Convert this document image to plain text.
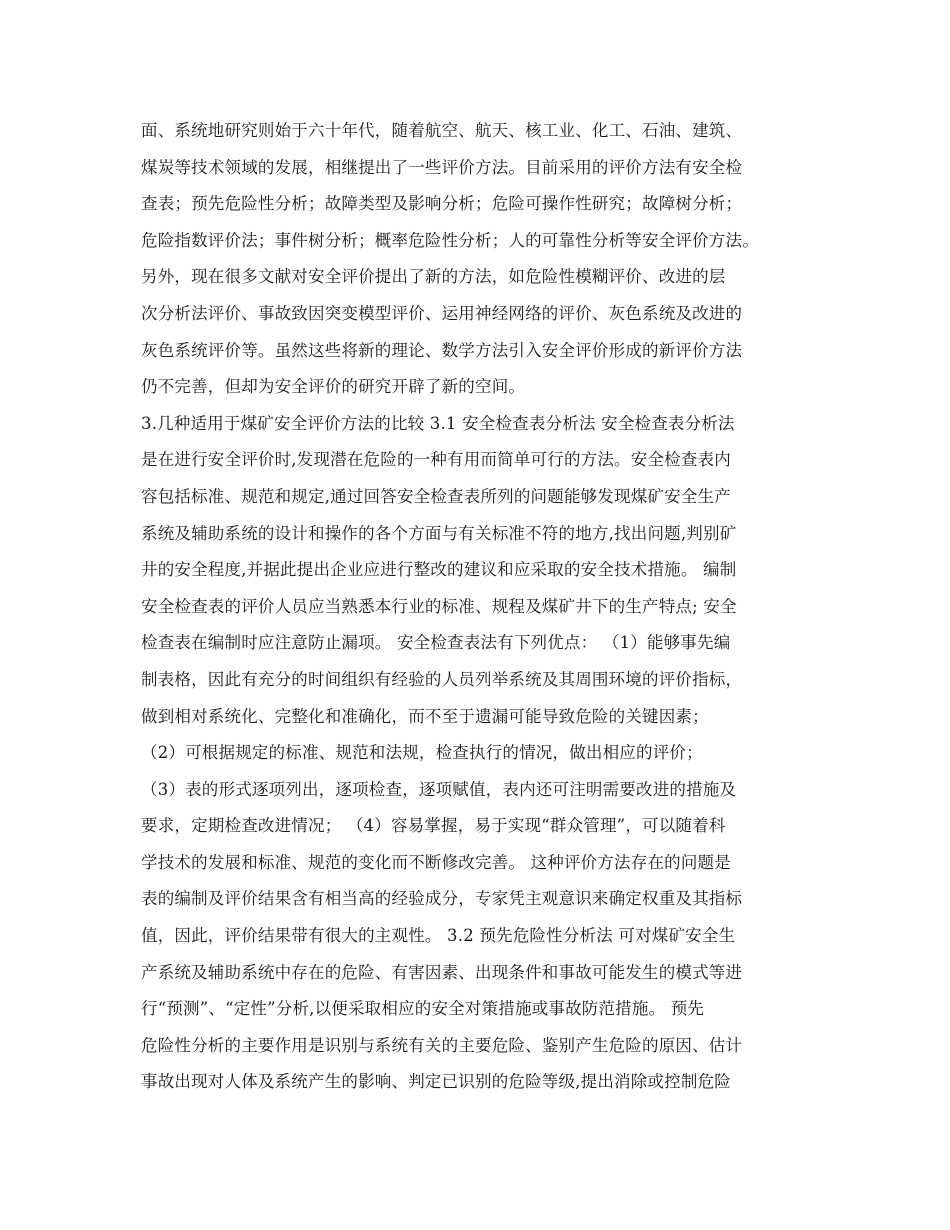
面、系统地研究则始于六十年代，随着航空、航天、核工业、化工、石油、建筑、
煤炭等技术领域的发展，相继提出了一些评价方法。目前采用的评价方法有安全检
查表；预先危险性分析；故障类型及影响分析；危险可操作性研究；故障树分析；
危险指数评价法；事件树分析；概率危险性分析；人的可靠性分析等安全评价方法。
另外，现在很多文献对安全评价提出了新的方法，如危险性模糊评价、改进的层
次分析法评价、事故致因突变模型评价、运用神经网络的评价、灰色系统及改进的
灰色系统评价等。虽然这些将新的理论、数学方法引入安全评价形成的新评价方法
仍不完善，但却为安全评价的研究开辟了新的空间。
3.几种适用于煤矿安全评价方法的比较 3.1 安全检查表分析法 安全检查表分析法
是在进行安全评价时,发现潜在危险的一种有用而简单可行的方法。安全检查表内
容包括标准、规范和规定,通过回答安全检查表所列的问题能够发现煤矿安全生产
系统及辅助系统的设计和操作的各个方面与有关标准不符的地方,找出问题,判别矿
井的安全程度,并据此提出企业应进行整改的建议和应采取的安全技术措施。 编制
安全检查表的评价人员应当熟悉本行业的标准、规程及煤矿井下的生产特点; 安全
检查表在编制时应注意防止漏项。 安全检查表法有下列优点： （1）能够事先编
制表格，因此有充分的时间组织有经验的人员列举系统及其周围环境的评价指标，
做到相对系统化、完整化和准确化，而不至于遗漏可能导致危险的关键因素；
（2）可根据规定的标准、规范和法规，检查执行的情况，做出相应的评价；
（3）表的形式逐项列出，逐项检查，逐项赋值，表内还可注明需要改进的措施及
要求，定期检查改进情况； （4）容易掌握，易于实现“群众管理”，可以随着科
学技术的发展和标准、规范的变化而不断修改完善。 这种评价方法存在的问题是
表的编制及评价结果含有相当高的经验成分，专家凭主观意识来确定权重及其指标
值，因此，评价结果带有很大的主观性。 3.2 预先危险性分析法 可对煤矿安全生
产系统及辅助系统中存在的危险、有害因素、出现条件和事故可能发生的模式等进
行“预测”、“定性”分析,以便采取相应的安全对策措施或事故防范措施。 预先
危险性分析的主要作用是识别与系统有关的主要危险、鉴别产生危险的原因、估计
事故出现对人体及系统产生的影响、判定已识别的危险等级,提出消除或控制危险
